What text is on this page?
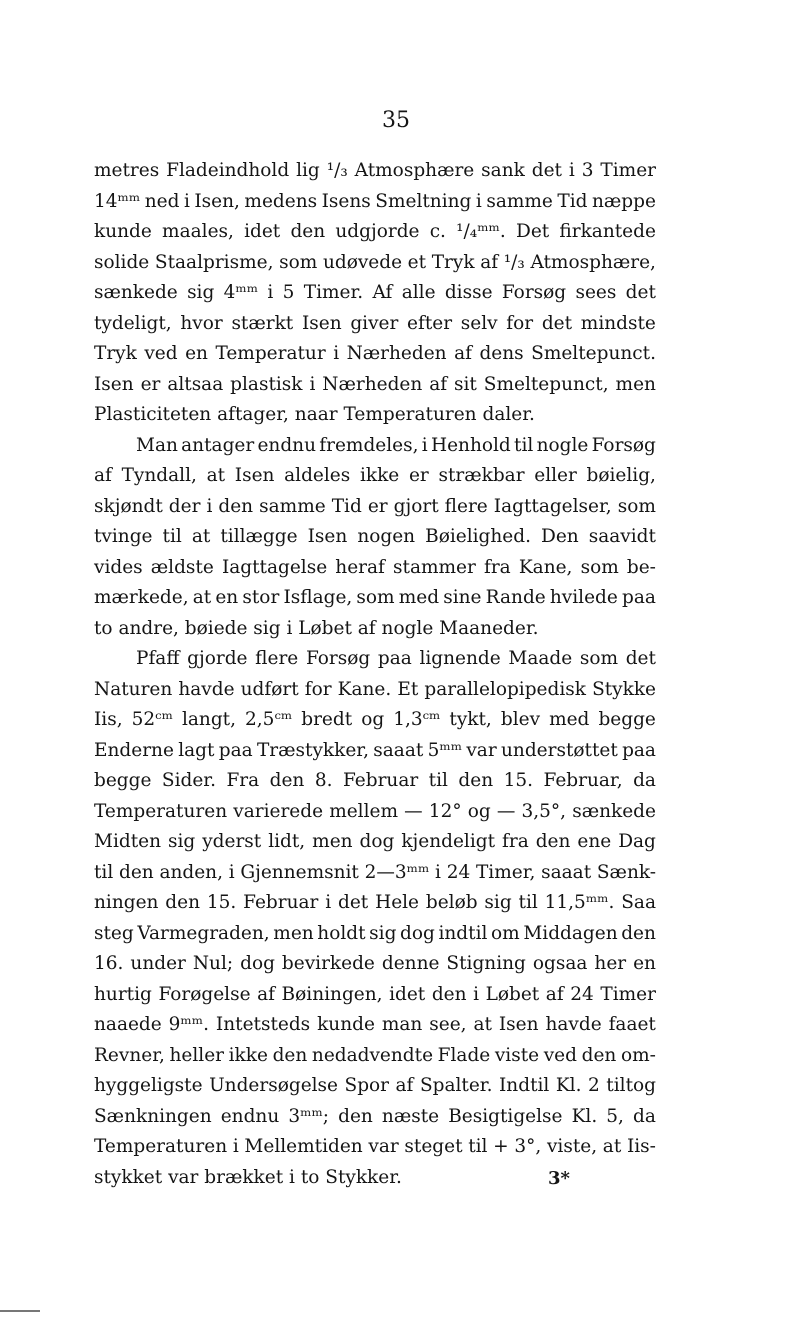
35
metres Fladeindhold lig ¹/₃ Atmosphære sank det i 3 Timer
14ᵐᵐ ned i Isen, medens Isens Smeltning i samme Tid næppe
kunde maales, idet den udgjorde c. ¹/₄ᵐᵐ. Det firkantede
solide Staalprisme, som udøvede et Tryk af ¹/₃ Atmosphære,
sænkede sig 4ᵐᵐ i 5 Timer. Af alle disse Forsøg sees det
tydeligt, hvor stærkt Isen giver efter selv for det mindste
Tryk ved en Temperatur i Nærheden af dens Smeltepunct.
Isen er altsaa plastisk i Nærheden af sit Smeltepunct, men
Plasticiteten aftager, naar Temperaturen daler.
Man antager endnu fremdeles, i Henhold til nogle Forsøg
af Tyndall, at Isen aldeles ikke er strækbar eller bøielig,
skjøndt der i den samme Tid er gjort flere Iagttagelser, som
tvinge til at tillægge Isen nogen Bøielighed. Den saavidt
vides ældste Iagttagelse heraf stammer fra Kane, som be-
mærkede, at en stor Isflage, som med sine Rande hvilede paa
to andre, bøiede sig i Løbet af nogle Maaneder.
Pfaff gjorde flere Forsøg paa lignende Maade som det
Naturen havde udført for Kane. Et parallelopipedisk Stykke
Iis, 52ᶜᵐ langt, 2,5ᶜᵐ bredt og 1,3ᶜᵐ tykt, blev med begge
Enderne lagt paa Træstykker, saaat 5ᵐᵐ var understøttet paa
begge Sider. Fra den 8. Februar til den 15. Februar, da
Temperaturen varierede mellem — 12° og — 3,5°, sænkede
Midten sig yderst lidt, men dog kjendeligt fra den ene Dag
til den anden, i Gjennemsnit 2—3ᵐᵐ i 24 Timer, saaat Sænk-
ningen den 15. Februar i det Hele beløb sig til 11,5ᵐᵐ. Saa
steg Varmegraden, men holdt sig dog indtil om Middagen den
16. under Nul; dog bevirkede denne Stigning ogsaa her en
hurtig Forøgelse af Bøiningen, idet den i Løbet af 24 Timer
naaede 9ᵐᵐ. Intetsteds kunde man see, at Isen havde faaet
Revner, heller ikke den nedadvendte Flade viste ved den om-
hyggeligste Undersøgelse Spor af Spalter. Indtil Kl. 2 tiltog
Sænkningen endnu 3ᵐᵐ; den næste Besigtigelse Kl. 5, da
Temperaturen i Mellemtiden var steget til + 3°, viste, at Iis-
stykket var brækket i to Stykker.	3*
